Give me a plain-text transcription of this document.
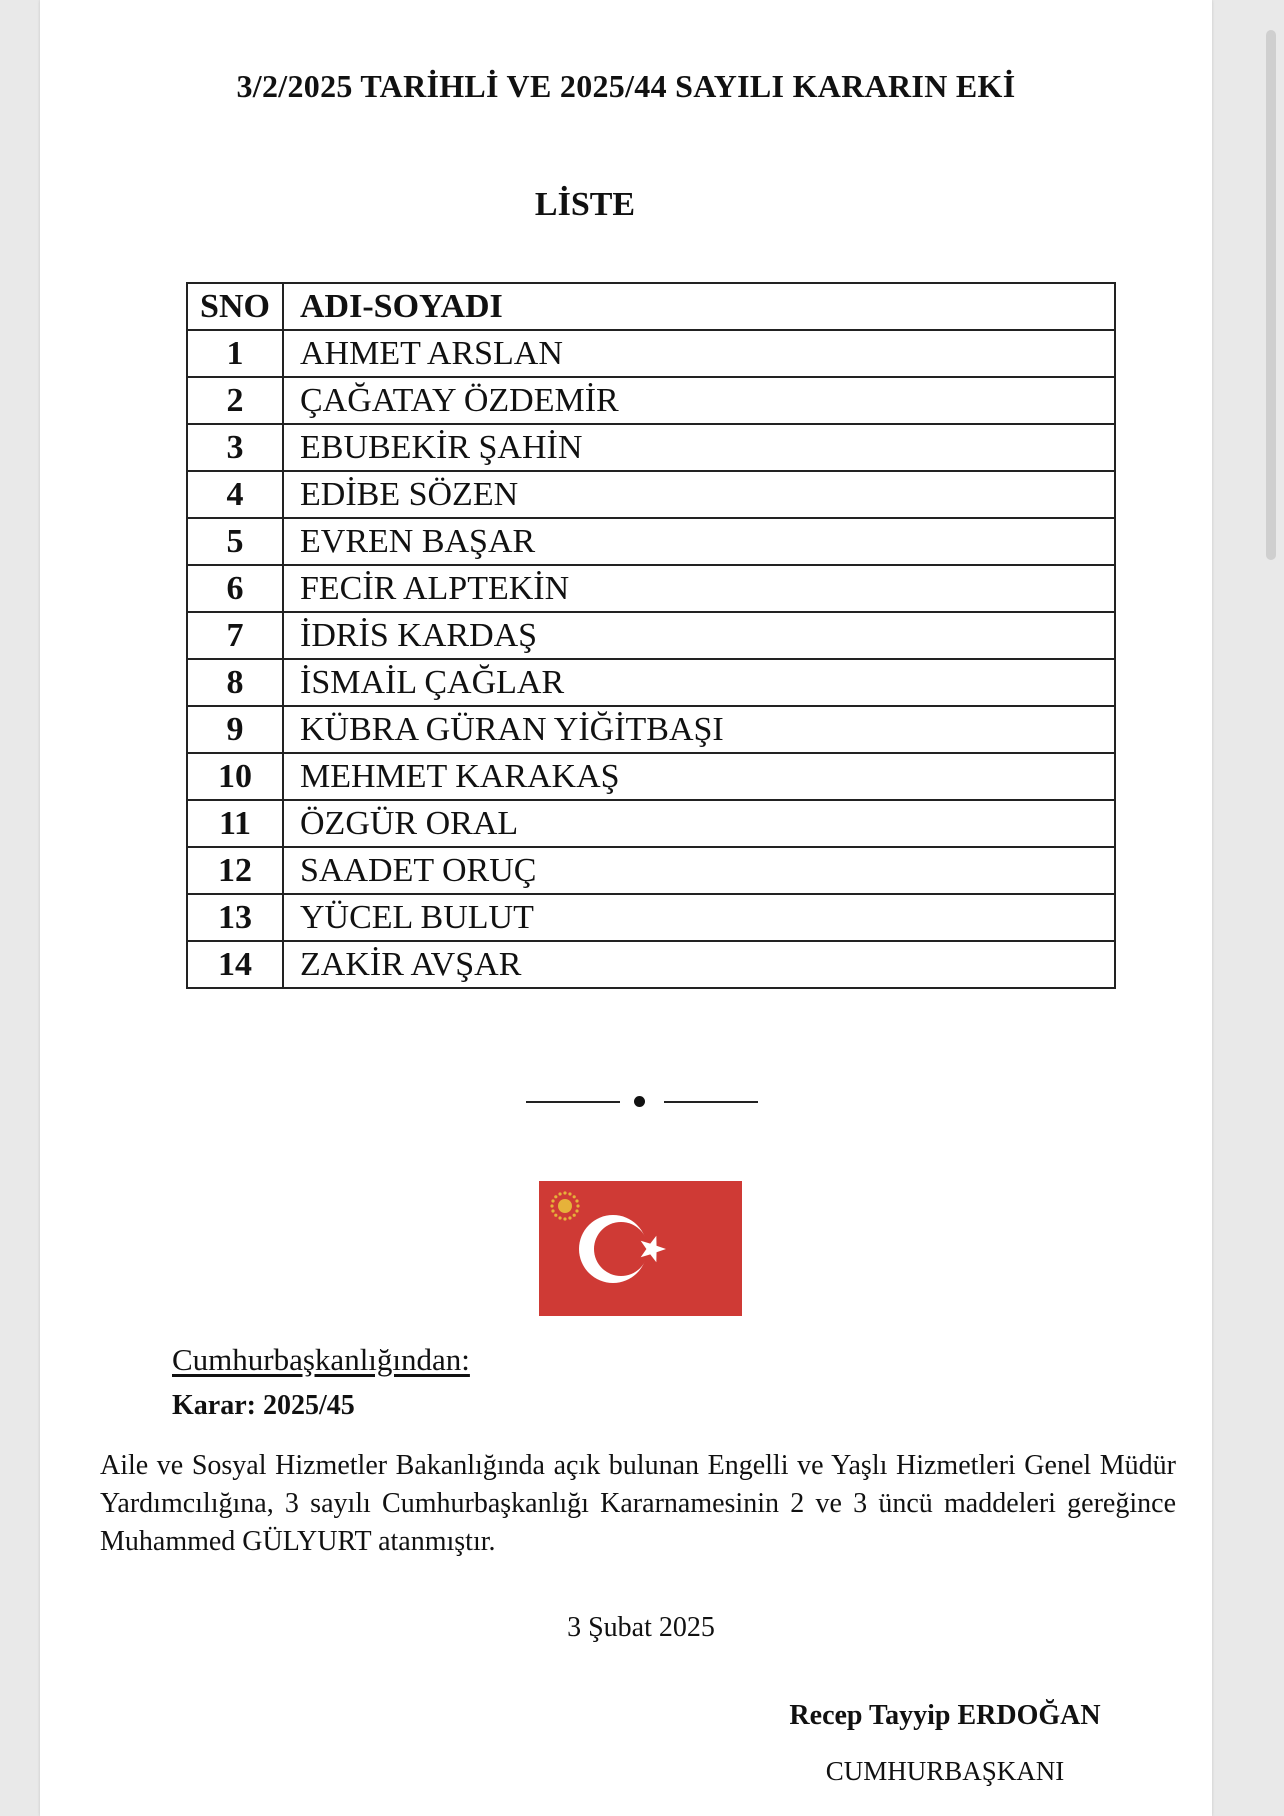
3/2/2025 TARİHLİ VE 2025/44 SAYILI KARARIN EKİ
LİSTE
SNO	ADI-SOYADI
1	AHMET ARSLAN
2	ÇAĞATAY ÖZDEMİR
3	EBUBEKİR ŞAHİN
4	EDİBE SÖZEN
5	EVREN BAŞAR
6	FECİR ALPTEKİN
7	İDRİS KARDAŞ
8	İSMAİL ÇAĞLAR
9	KÜBRA GÜRAN YİĞİTBAŞI
10	MEHMET KARAKAŞ
11	ÖZGÜR ORAL
12	SAADET ORUÇ
13	YÜCEL BULUT
14	ZAKİR AVŞAR
Cumhurbaşkanlığından:
Karar: 2025/45
Aile ve Sosyal Hizmetler Bakanlığında açık bulunan Engelli ve Yaşlı Hizmetleri Genel Müdür Yardımcılığına, 3 sayılı Cumhurbaşkanlığı Kararnamesinin 2 ve 3 üncü maddeleri gereğince Muhammed GÜLYURT atanmıştır.
3 Şubat 2025
Recep Tayyip ERDOĞAN
CUMHURBAŞKANI
